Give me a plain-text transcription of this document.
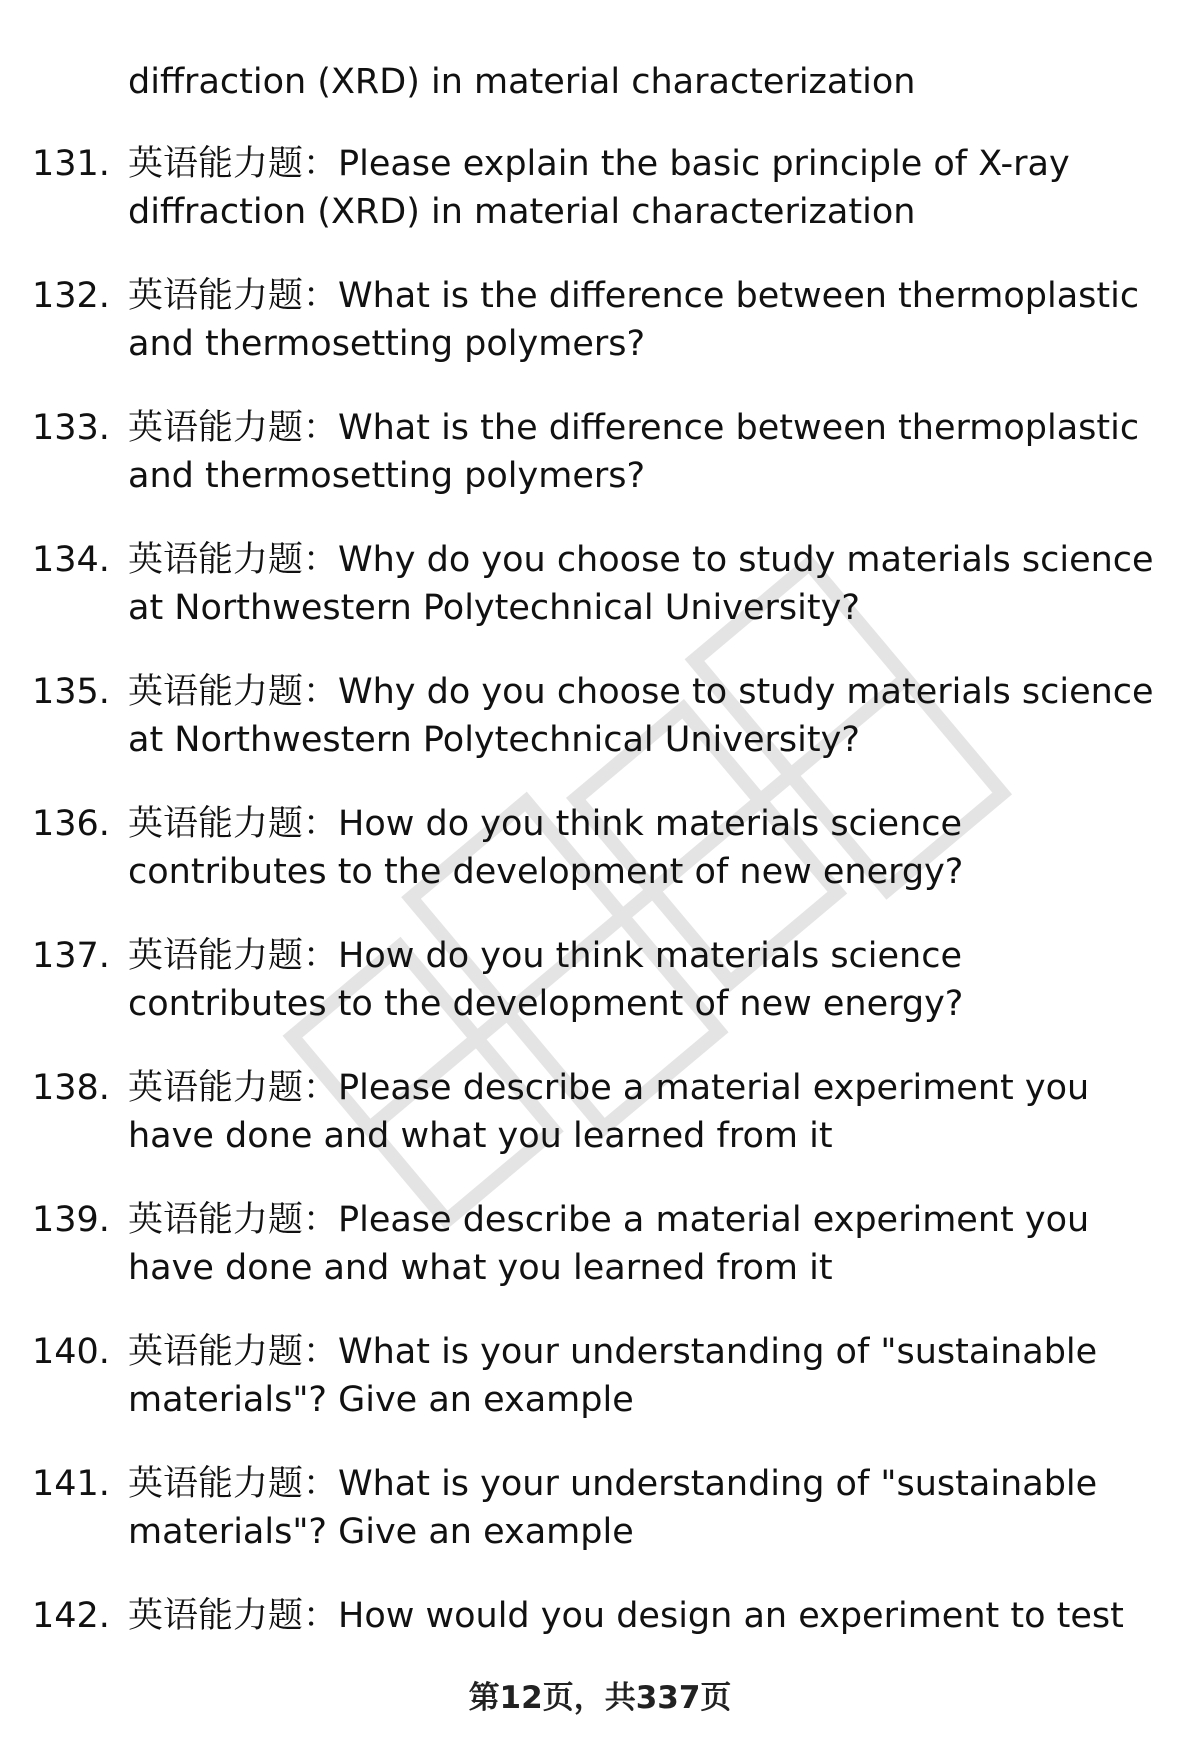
diffraction (XRD) in material characterization
131. 英语能力题：Please explain the basic principle of X-ray diffraction (XRD) in material characterization
132. 英语能力题：What is the difference between thermoplastic and thermosetting polymers?
133. 英语能力题：What is the difference between thermoplastic and thermosetting polymers?
134. 英语能力题：Why do you choose to study materials science at Northwestern Polytechnical University?
135. 英语能力题：Why do you choose to study materials science at Northwestern Polytechnical University?
136. 英语能力题：How do you think materials science contributes to the development of new energy?
137. 英语能力题：How do you think materials science contributes to the development of new energy?
138. 英语能力题：Please describe a material experiment you have done and what you learned from it
139. 英语能力题：Please describe a material experiment you have done and what you learned from it
140. 英语能力题：What is your understanding of "sustainable materials"? Give an example
141. 英语能力题：What is your understanding of "sustainable materials"? Give an example
142. 英语能力题：How would you design an experiment to test
第12页，共337页
